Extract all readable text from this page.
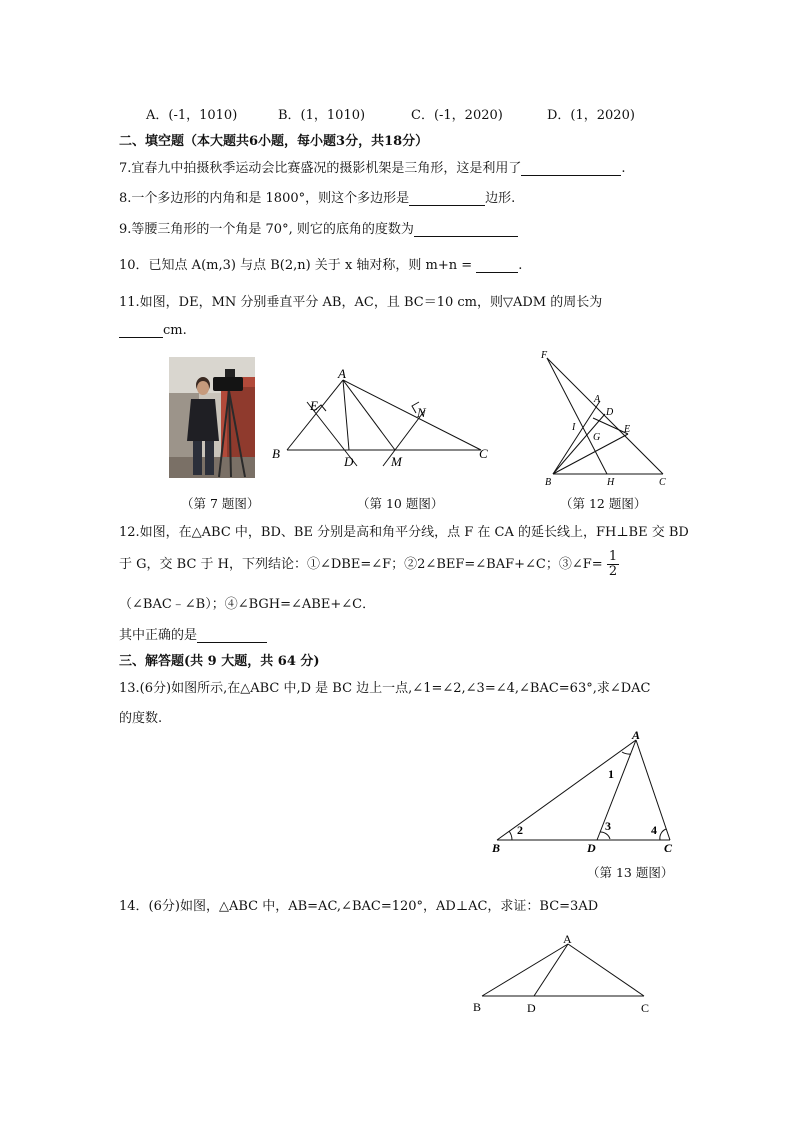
A．(-1，1010)	B．(1，1010)	C．(-1，2020)	D．(1，2020)
二、填空题（本大题共6小题，每小题3分，共18分）
7.宜春九中拍摄秋季运动会比赛盛况的摄影机架是三角形，这是利用了	.
8.一个多边形的内角和是 1800°，则这个多边形是	边形.
9.等腰三角形的一个角是 70°, 则它的底角的度数为
10．已知点 A(m,3) 与点 B(2,n) 关于 x 轴对称，则 m+n =	.
11.如图，DE，MN 分别垂直平分 AB，AC，且 BC＝10 cm，则▽ADM 的周长为
cm.
A
B	C
D
E
M
N
F
A
B	C
D
E
G
H
I
（第 7 题图）	（第 10 题图）	（第 12 题图）
12.如图，在△ABC 中，BD、BE 分别是高和角平分线，点 F 在 CA 的延长线上，FH⊥BE 交 BD
于 G，交 BC 于 H，下列结论：①∠DBE=∠F；②2∠BEF=∠BAF+∠C；③∠F= $\frac{1}{2}$
（∠BAC﹣∠B）；④∠BGH=∠ABE+∠C．
其中正确的是
三、解答题(共 9 大题，共 64 分)
13.(6分)如图所示,在△ABC 中,D 是 BC 边上一点,∠1=∠2,∠3=∠4,∠BAC=63°,求∠DAC
的度数.
A
B	C
D
1
2	3	4
（第 13 题图）
14．(6分)如图，△ABC 中，AB=AC,∠BAC=120°，AD⊥AC，求证：BC=3AD
A
B	C
D
